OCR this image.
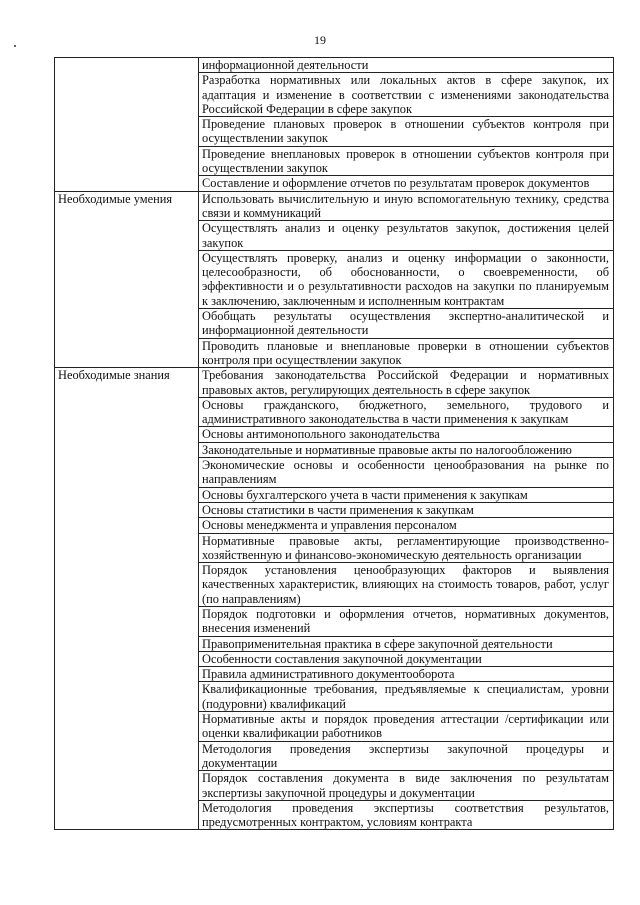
19
	информационной деятельности
	Разработка нормативных или локальных актов в сфере закупок, их адаптация и изменение в соответствии с изменениями законодательства Российской Федерации в сфере закупок
	Проведение плановых проверок в отношении субъектов контроля при осуществлении закупок
	Проведение внеплановых проверок в отношении субъектов контроля при осуществлении закупок
	Составление и оформление отчетов по результатам проверок документов
Необходимые умения	Использовать вычислительную и иную вспомогательную технику, средства связи и коммуникаций
	Осуществлять анализ и оценку результатов закупок, достижения целей закупок
	Осуществлять проверку, анализ и оценку информации о законности, целесообразности, об обоснованности, о своевременности, об эффективности и о результативности расходов на закупки по планируемым к заключению, заключенным и исполненным контрактам
	Обобщать результаты осуществления экспертно-аналитической и информационной деятельности
	Проводить плановые и внеплановые проверки в отношении субъектов контроля при осуществлении закупок
Необходимые знания	Требования законодательства Российской Федерации и нормативных правовых актов, регулирующих деятельность в сфере закупок
	Основы гражданского, бюджетного, земельного, трудового и административного законодательства в части применения к закупкам
	Основы антимонопольного законодательства
	Законодательные и нормативные правовые акты по налогообложению
	Экономические основы и особенности ценообразования на рынке по направлениям
	Основы бухгалтерского учета в части применения к закупкам
	Основы статистики в части применения к закупкам
	Основы менеджмента и управления персоналом
	Нормативные правовые акты, регламентирующие производственно-хозяйственную и финансово-экономическую деятельность организации
	Порядок установления ценообразующих факторов и выявления качественных характеристик, влияющих на стоимость товаров, работ, услуг (по направлениям)
	Порядок подготовки и оформления отчетов, нормативных документов, внесения изменений
	Правоприменительная практика в сфере закупочной деятельности
	Особенности составления закупочной документации
	Правила административного документооборота
	Квалификационные требования, предъявляемые к специалистам, уровни (подуровни) квалификаций
	Нормативные акты и порядок проведения аттестации /сертификации или оценки квалификации работников
	Методология проведения экспертизы закупочной процедуры и документации
	Порядок составления документа в виде заключения по результатам экспертизы закупочной процедуры и документации
	Методология проведения экспертизы соответствия результатов, предусмотренных контрактом, условиям контракта
